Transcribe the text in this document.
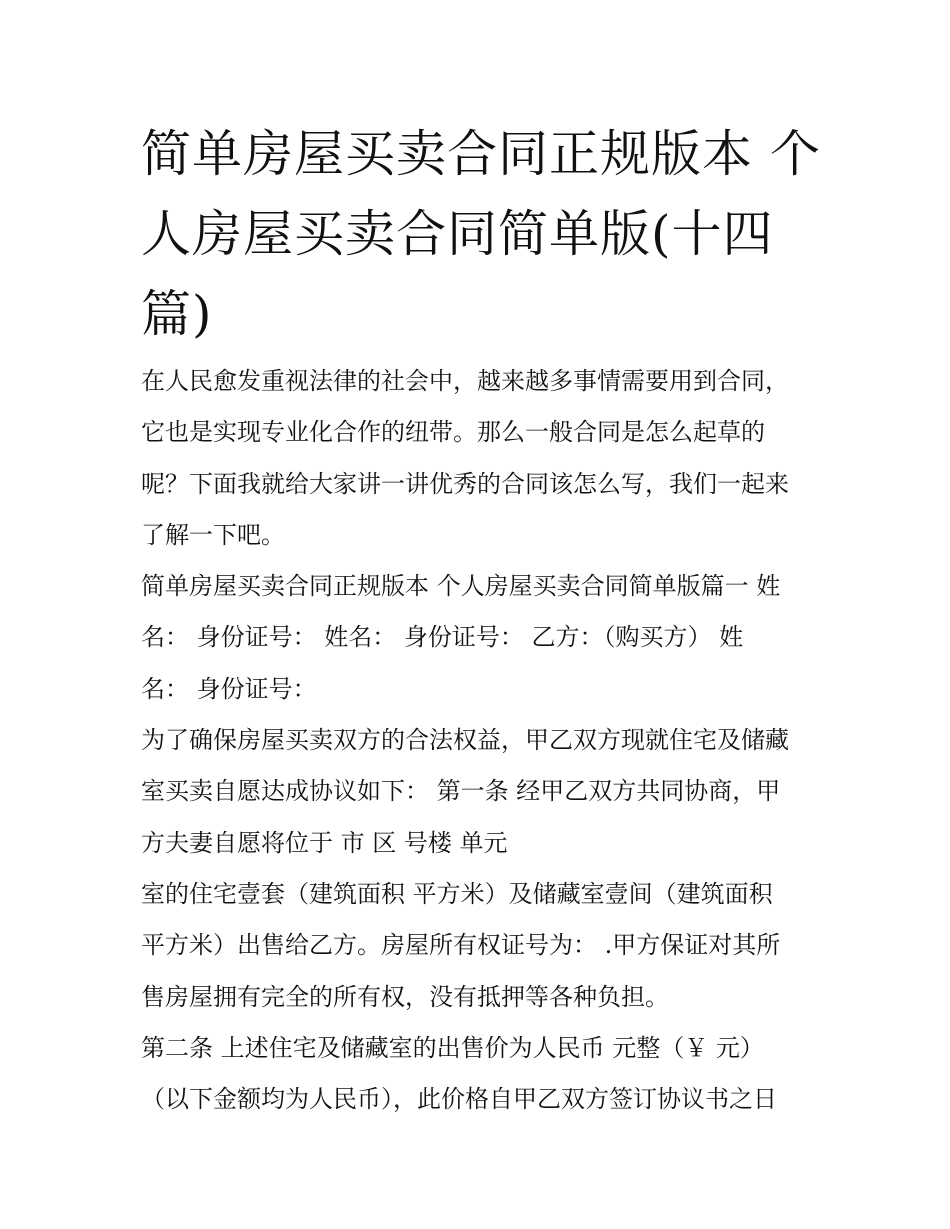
简单房屋买卖合同正规版本 个
人房屋买卖合同简单版(十四
篇)
在人民愈发重视法律的社会中，越来越多事情需要用到合同，
它也是实现专业化合作的纽带。那么一般合同是怎么起草的
呢？下面我就给大家讲一讲优秀的合同该怎么写，我们一起来
了解一下吧。
简单房屋买卖合同正规版本 个人房屋买卖合同简单版篇一 姓
名： 身份证号： 姓名： 身份证号： 乙方：（购买方） 姓
名： 身份证号：
为了确保房屋买卖双方的合法权益，甲乙双方现就住宅及储藏
室买卖自愿达成协议如下： 第一条 经甲乙双方共同协商，甲
方夫妻自愿将位于 市 区 号楼 单元
室的住宅壹套（建筑面积 平方米）及储藏室壹间（建筑面积
平方米）出售给乙方。房屋所有权证号为： .甲方保证对其所
售房屋拥有完全的所有权，没有抵押等各种负担。
第二条 上述住宅及储藏室的出售价为人民币 元整（￥ 元）
（以下金额均为人民币），此价格自甲乙双方签订协议书之日
